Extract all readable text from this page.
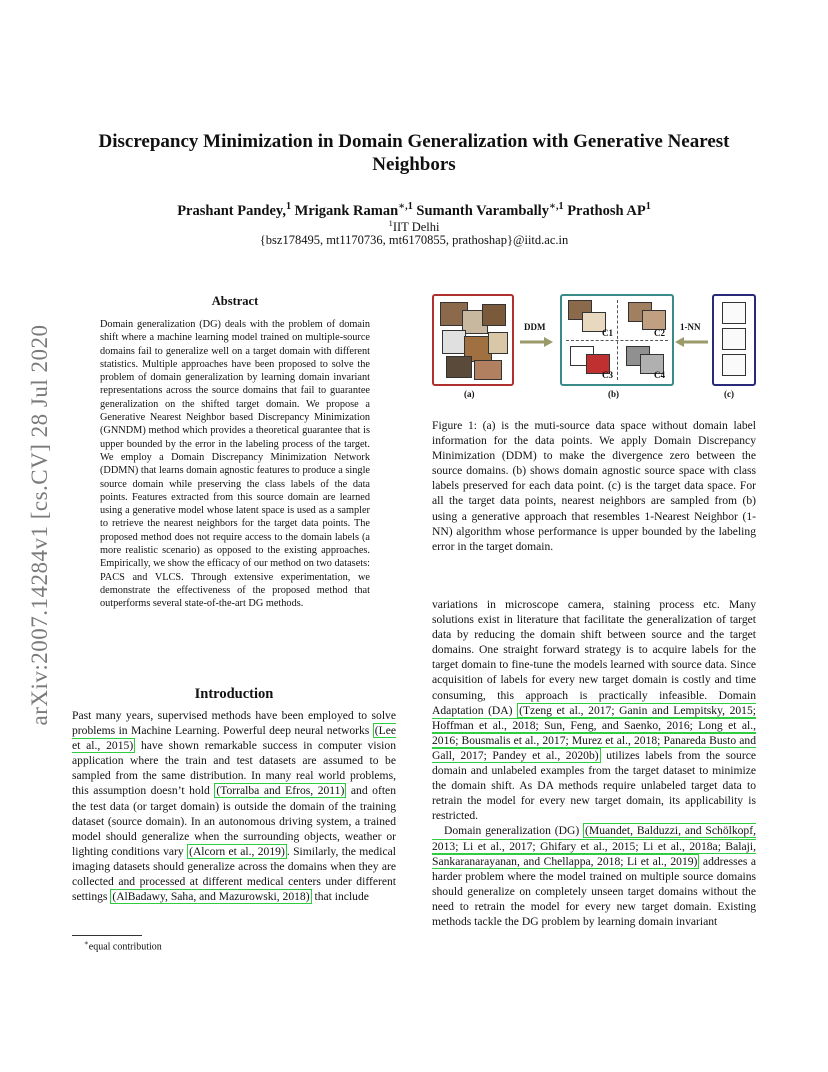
arXiv:2007.14284v1 [cs.CV] 28 Jul 2020
Discrepancy Minimization in Domain Generalization with Generative Nearest Neighbors
Prashant Pandey,$^1$ Mrigank Raman$^{∗,1}$ Sumanth Varambally$^{∗,1}$ Prathosh $AP^1$
$^1$IIT Delhi
{bsz178495, mt1170736, mt6170855, prathoshap}@iitd.ac.in
Abstract
Domain generalization (DG) deals with the problem of domain shift where a machine learning model trained on multiple-source domains fail to generalize well on a target domain with different statistics. Multiple approaches have been proposed to solve the problem of domain generalization by learning domain invariant representations across the source domains that fail to guarantee generalization on the shifted target domain. We propose a Generative Nearest Neighbor based Discrepancy Minimization (GNNDM) method which provides a theoretical guarantee that is upper bounded by the error in the labeling process of the target. We employ a Domain Discrepancy Minimization Network (DDMN) that learns domain agnostic features to produce a single source domain while preserving the class labels of the data points. Features extracted from this source domain are learned using a generative model whose latent space is used as a sampler to retrieve the nearest neighbors for the target data points. The proposed method does not require access to the domain labels (a more realistic scenario) as opposed to the existing approaches. Empirically, we show the efficacy of our method on two datasets: PACS and VLCS. Through extensive experimentation, we demonstrate the effectiveness of the proposed method that outperforms several state-of-the-art DG methods.
DDM
C1	C2
C3	C4
1-NN
(a)	(b)	(c)
Figure 1: (a) is the muti-source data space without domain label information for the data points. We apply Domain Discrepancy Minimization (DDM) to make the divergence zero between the source domains. (b) shows domain agnostic source space with class labels preserved for each data point. (c) is the target data space. For all the target data points, nearest neighbors are sampled from (b) using a generative approach that resembles 1-Nearest Neighbor (1-NN) algorithm whose performance is upper bounded by the labeling error in the target domain.
Introduction
Past many years, supervised methods have been employed to solve problems in Machine Learning. Powerful deep neural networks (Lee et al., 2015) have shown remarkable success in computer vision application where the train and test datasets are assumed to be sampled from the same distribution. In many real world problems, this assumption doesn’t hold (Torralba and Efros, 2011) and often the test data (or target domain) is outside the domain of the training dataset (source domain). In an autonomous driving system, a trained model should generalize when the surrounding objects, weather or lighting conditions vary (Alcorn et al., 2019) . Similarly, the medical imaging datasets should generalize across the domains when they are collected and processed at different medical centers under different settings (AlBadawy, Saha, and Mazurowski, 2018) that include
variations in microscope camera, staining process etc. Many solutions exist in literature that facilitate the generalization of target data by reducing the domain shift between source and the target domains. One straight forward strategy is to acquire labels for the target domain to fine-tune the models learned with source data. Since acquisition of labels for every new target domain is costly and time consuming, this approach is practically infeasible. Domain Adaptation (DA) (Tzeng et al., 2017; Ganin and Lempitsky, 2015; Hoffman et al., 2018; Sun, Feng, and Saenko, 2016; Long et al., 2016; Bousmalis et al., 2017; Murez et al., 2018; Panareda Busto and Gall, 2017; Pandey et al., 2020b) utilizes labels from the source domain and unlabeled examples from the target dataset to minimize the domain shift. As DA methods require unlabeled target data to retrain the model for every new target domain, its applicability is restricted.
Domain generalization (DG) (Muandet, Balduzzi, and Schölkopf, 2013; Li et al., 2017; Ghifary et al., 2015; Li et al., 2018a; Balaji, Sankaranarayanan, and Chellappa, 2018; Li et al., 2019) addresses a harder problem where the model trained on multiple source domains should generalize on completely unseen target domains without the need to retrain the model for every new target domain. Existing methods tackle the DG problem by learning domain invariant
∗equal contribution
